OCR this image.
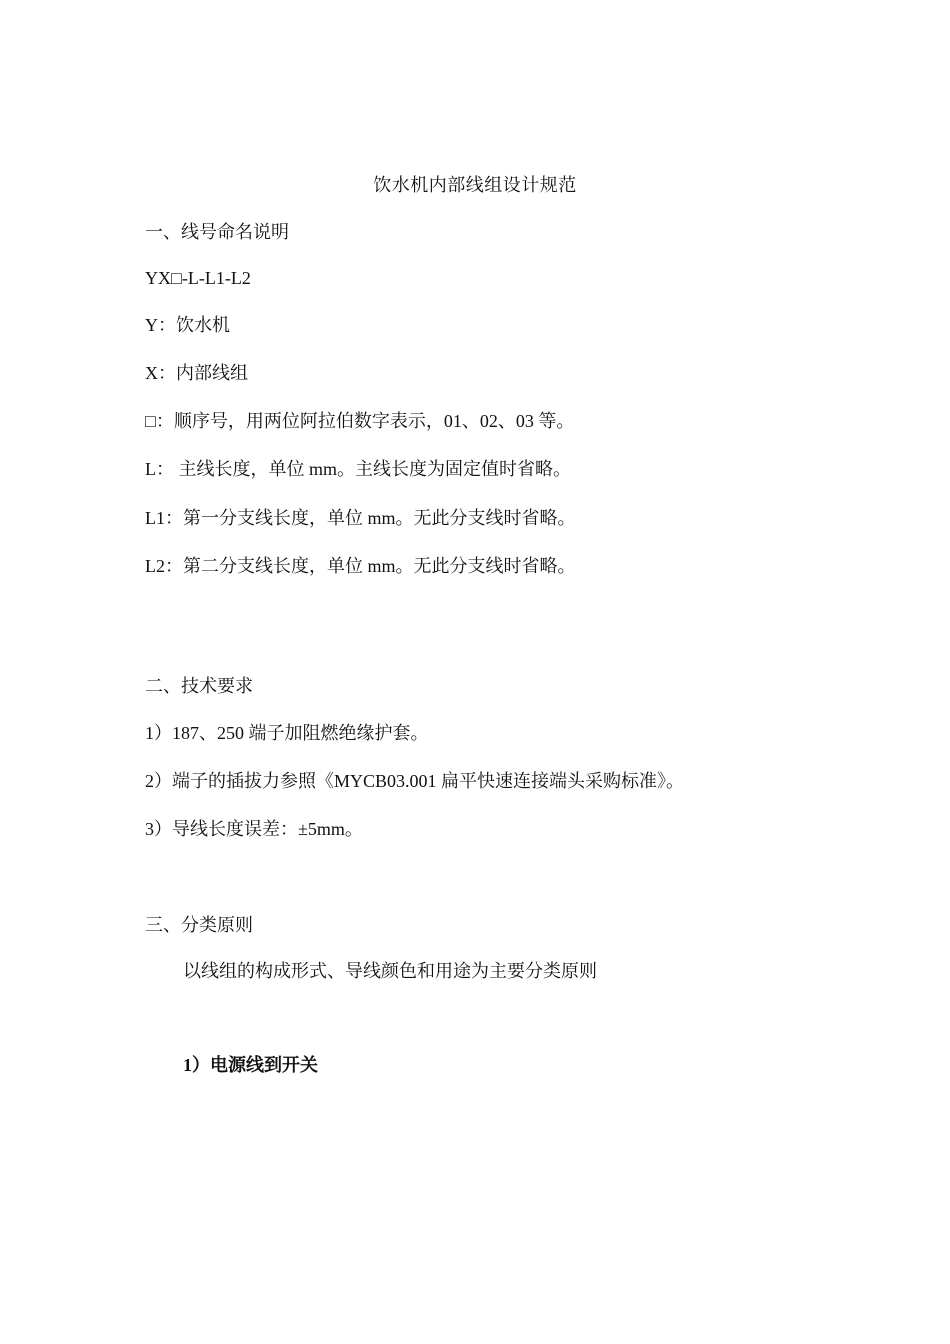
饮水机内部线组设计规范
一、线号命名说明
YX□-L-L1-L2
Y：饮水机
X：内部线组
□：顺序号，用两位阿拉伯数字表示，01、02、03 等。
L： 主线长度，单位 mm。主线长度为固定值时省略。
L1：第一分支线长度，单位 mm。无此分支线时省略。
L2：第二分支线长度，单位 mm。无此分支线时省略。
二、技术要求
1）187、250 端子加阻燃绝缘护套。
2）端子的插拔力参照《MYCB03.001 扁平快速连接端头采购标准》。
3）导线长度误差：±5mm。
三、分类原则
以线组的构成形式、导线颜色和用途为主要分类原则
1）电源线到开关
